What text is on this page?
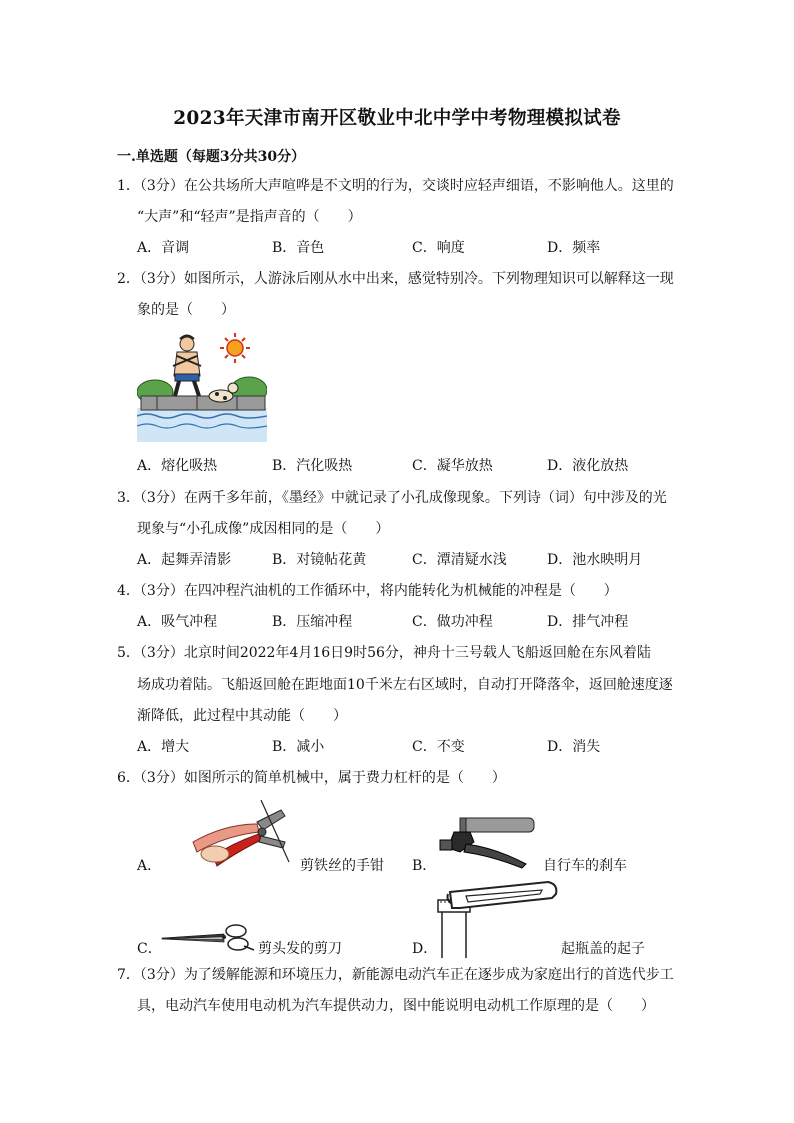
2023年天津市南开区敬业中北中学中考物理模拟试卷
一.单选题（每题3分共30分）
1．（3分）在公共场所大声喧哗是不文明的行为，交谈时应轻声细语，不影响他人。这里的
“大声”和“轻声”是指声音的（　　）
A．音调	B．音色	C．响度	D．频率
2．（3分）如图所示，人游泳后刚从水中出来，感觉特别冷。下列物理知识可以解释这一现
象的是（　　）
A．熔化吸热	B．汽化吸热	C．凝华放热	D．液化放热
3．（3分）在两千多年前，《墨经》中就记录了小孔成像现象。下列诗（词）句中涉及的光
现象与“小孔成像”成因相同的是（　　）
A．起舞弄清影	B．对镜帖花黄	C．潭清疑水浅	D．池水映明月
4．（3分）在四冲程汽油机的工作循环中，将内能转化为机械能的冲程是（　　）
A．吸气冲程	B．压缩冲程	C．做功冲程	D．排气冲程
5．（3分）北京时间2022年4月16日9时56分，神舟十三号载人飞船返回舱在东风着陆
场成功着陆。飞船返回舱在距地面10千米左右区域时，自动打开降落伞，返回舱速度逐
渐降低，此过程中其动能（　　）
A．增大	B．减小	C．不变	D．消失
6．（3分）如图所示的简单机械中，属于费力杠杆的是（　　）
A．	剪铁丝的手钳 B．	自行车的刹车
C．	剪头发的剪刀	D．	起瓶盖的起子
7．（3分）为了缓解能源和环境压力，新能源电动汽车正在逐步成为家庭出行的首选代步工
具，电动汽车使用电动机为汽车提供动力，图中能说明电动机工作原理的是（　　）
